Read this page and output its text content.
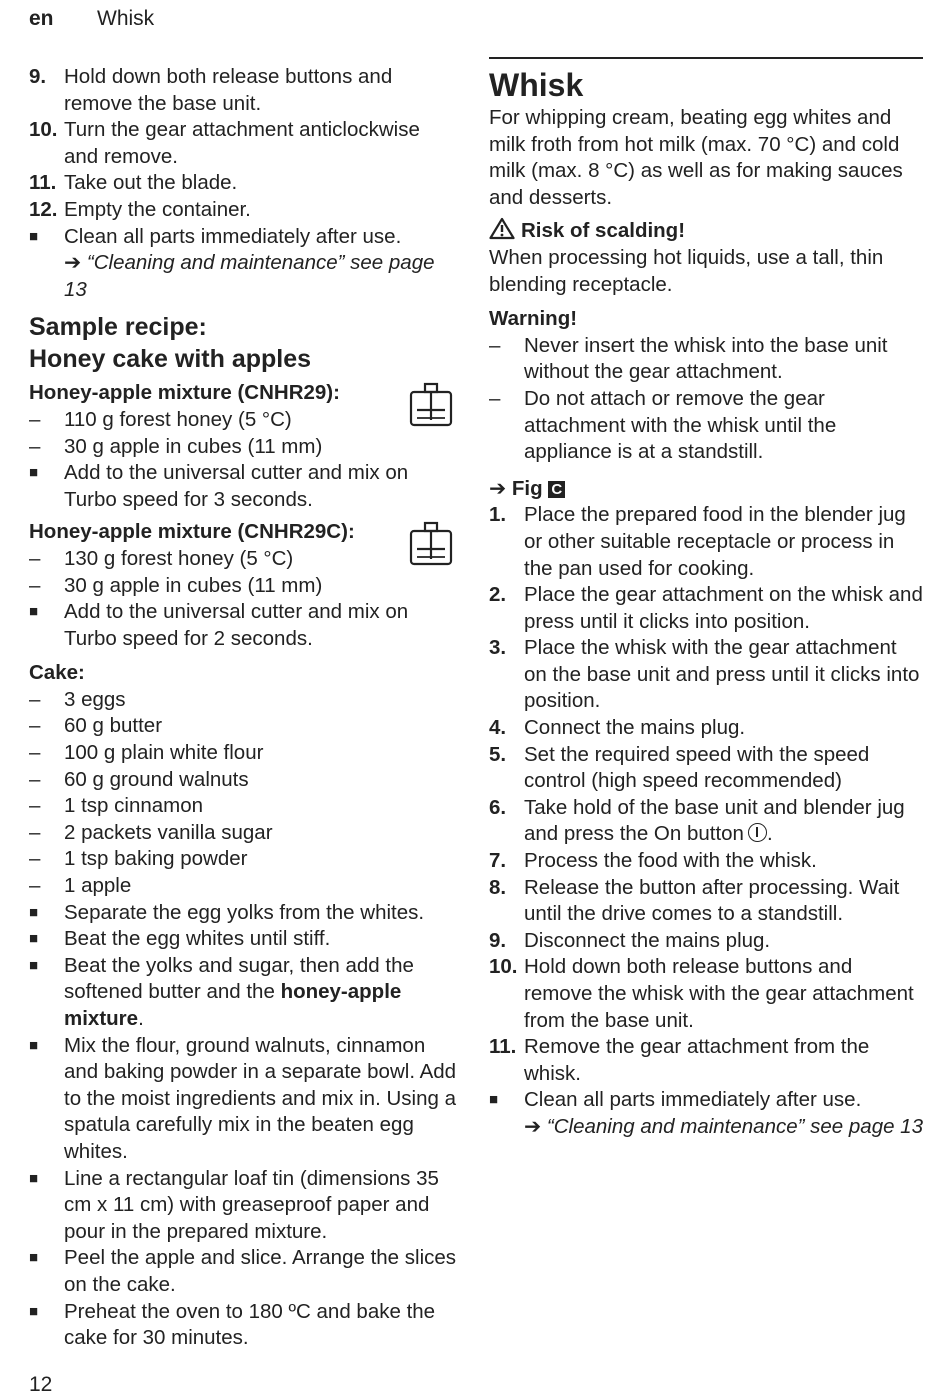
en Whisk
9. Hold down both release buttons and remove the base unit.
10. Turn the gear attachment anticlockwise and remove.
11. Take out the blade.
12. Empty the container.
■ Clean all parts immediately after use.
➔ “Cleaning and maintenance” see page 13
Sample recipe:
Honey cake with apples
Honey-apple mixture (CNHR29):
– 110 g forest honey (5 °C)
– 30 g apple in cubes (11 mm)
■ Add to the universal cutter and mix on Turbo speed for 3 seconds.
Honey-apple mixture (CNHR29C):
– 130 g forest honey (5 °C)
– 30 g apple in cubes (11 mm)
■ Add to the universal cutter and mix on Turbo speed for 2 seconds.
Cake:
– 3 eggs
– 60 g butter
– 100 g plain white flour
– 60 g ground walnuts
– 1 tsp cinnamon
– 2 packets vanilla sugar
– 1 tsp baking powder
– 1 apple
■ Separate the egg yolks from the whites.
■ Beat the egg whites until stiff.
■ Beat the yolks and sugar, then add the softened butter and the honey-apple mixture.
■ Mix the flour, ground walnuts, cinnamon and baking powder in a separate bowl. Add to the moist ingredients and mix in. Using a spatula carefully mix in the beaten egg whites.
■ Line a rectangular loaf tin (dimensions 35 cm x 11 cm) with greaseproof paper and pour in the prepared mixture.
■ Peel the apple and slice. Arrange the slices on the cake.
■ Preheat the oven to 180 ºC and bake the cake for 30 minutes.
Whisk
For whipping cream, beating egg whites and milk froth from hot milk (max. 70 °C) and cold milk (max. 8 °C) as well as for making sauces and desserts.
Risk of scalding!
When processing hot liquids, use a tall, thin blending receptacle.
Warning!
– Never insert the whisk into the base unit without the gear attachment.
– Do not attach or remove the gear attachment with the whisk until the appliance is at a standstill.
➔ Fig C
1. Place the prepared food in the blender jug or other suitable receptacle or process in the pan used for cooking.
2. Place the gear attachment on the whisk and press until it clicks into position.
3. Place the whisk with the gear attachment on the base unit and press until it clicks into position.
4. Connect the mains plug.
5. Set the required speed with the speed control (high speed recommended)
6. Take hold of the base unit and blender jug and press the On button .
7. Process the food with the whisk.
8. Release the button after processing. Wait until the drive comes to a standstill.
9. Disconnect the mains plug.
10. Hold down both release buttons and remove the whisk with the gear attachment from the base unit.
11. Remove the gear attachment from the whisk.
■ Clean all parts immediately after use.
➔ “Cleaning and maintenance” see page 13
12
